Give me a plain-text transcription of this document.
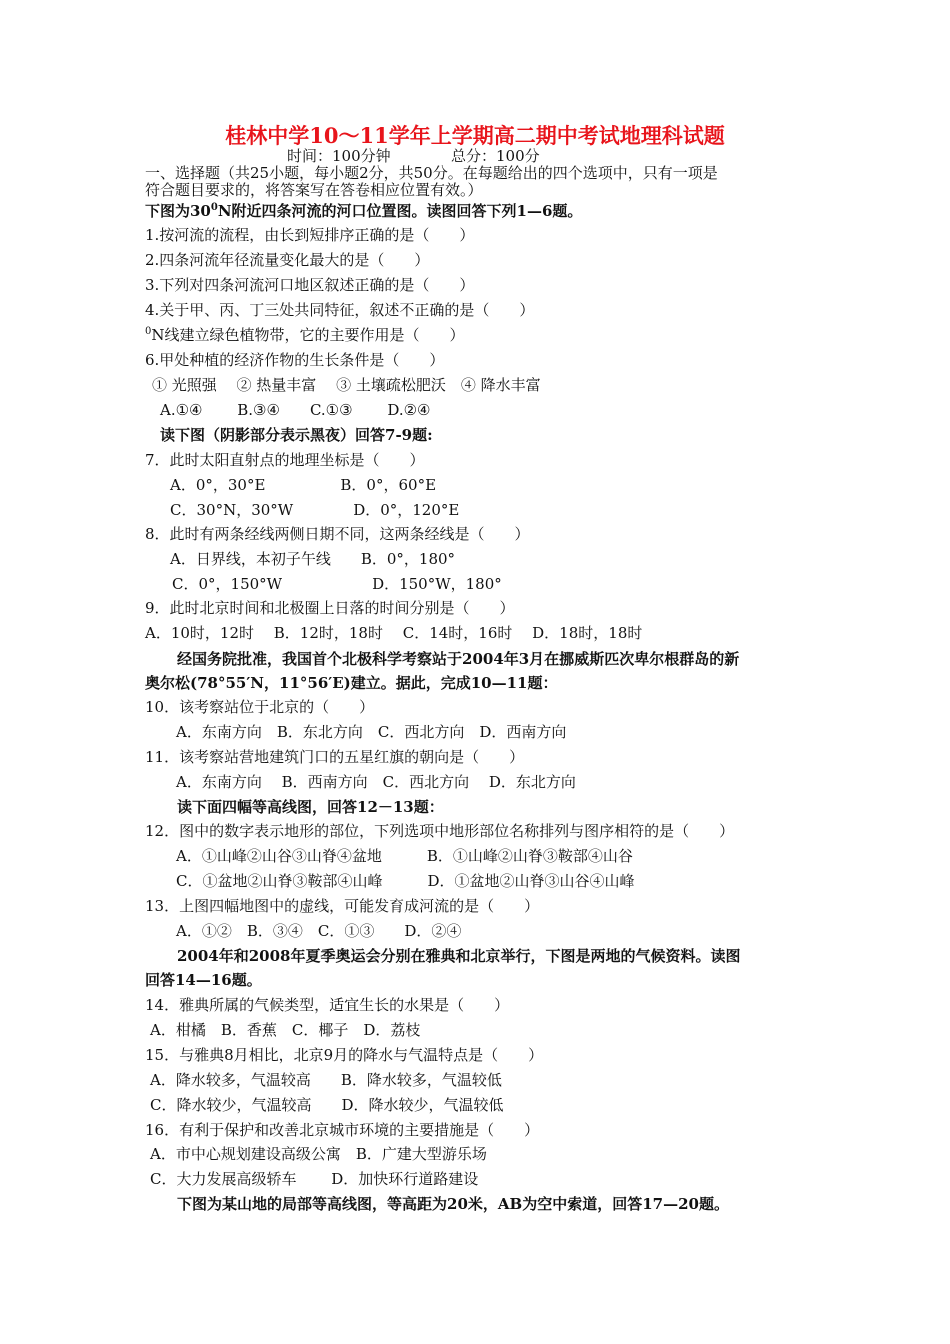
桂林中学10～11学年上学期高二期中考试地理科试题
时间：100分钟	总分：100分
一、选择题（共25小题，每小题2分，共50分。在每题给出的四个选项中，只有一项是
符合题目要求的，将答案写在答卷相应位置有效。）
下图为$30^0N$附近四条河流的河口位置图。读图回答下列1—6题。
1.按河流的流程，由长到短排序正确的是（　　）
2.四条河流年径流量变化最大的是（　　）
3.下列对四条河流河口地区叙述正确的是（　　）
4.关于甲、丙、丁三处共同特征，叙述不正确的是（　　）
$^0$N线建立绿色植物带，它的主要作用是（　　）
6.甲处种植的经济作物的生长条件是（　　）
① 光照强　 ② 热量丰富　 ③ 土壤疏松肥沃　④ 降水丰富
A.①④　　 B.③④　　C.①③　　 D.②④
读下图（阴影部分表示黑夜）回答7-9题:
7．此时太阳直射点的地理坐标是（　　）
A．0°，30°E　　　　　B．0°，60°E
C．30°N，30°W　　　　D．0°，120°E
8．此时有两条经线两侧日期不同，这两条经线是（　　）
A．日界线，本初子午线　　B．0°，180°
C．0°，150°W　　　　　　D．150°W，180°
9．此时北京时间和北极圈上日落的时间分别是（　　）
A．10时，12时　 B．12时，18时　 C．14时，16时　 D．18时，18时
经国务院批准，我国首个北极科学考察站于2004年3月在挪威斯匹次卑尔根群岛的新
奥尔松(78°55′N，11°56′E)建立。据此，完成10—11题：
10．该考察站位于北京的（　　）
A．东南方向　B．东北方向　C．西北方向　D．西南方向
11．该考察站营地建筑门口的五星红旗的朝向是（　　）
A．东南方向　 B．西南方向　C．西北方向　 D．东北方向
读下面四幅等高线图，回答12－13题：
12．图中的数字表示地形的部位，下列选项中地形部位名称排列与图序相符的是（　　）
A．①山峰②山谷③山脊④盆地　　　B．①山峰②山脊③鞍部④山谷
C．①盆地②山脊③鞍部④山峰　　　D．①盆地②山脊③山谷④山峰
13．上图四幅地图中的虚线，可能发育成河流的是（　　）
A．①②　B．③④　C．①③　　D．②④
2004年和2008年夏季奥运会分别在雅典和北京举行，下图是两地的气候资料。读图
回答14—16题。
14．雅典所属的气候类型，适宜生长的水果是（　　）
A．柑橘　B．香蕉　C．椰子　D．荔枝
15．与雅典8月相比，北京9月的降水与气温特点是（　　）
A．降水较多，气温较高　　B．降水较多，气温较低
C．降水较少，气温较高　　D．降水较少，气温较低
16．有利于保护和改善北京城市环境的主要措施是（　　）
A．市中心规划建设高级公寓　B．广建大型游乐场
C．大力发展高级轿车　　 D．加快环行道路建设
下图为某山地的局部等高线图，等高距为20米，AB为空中索道，回答17—20题。
